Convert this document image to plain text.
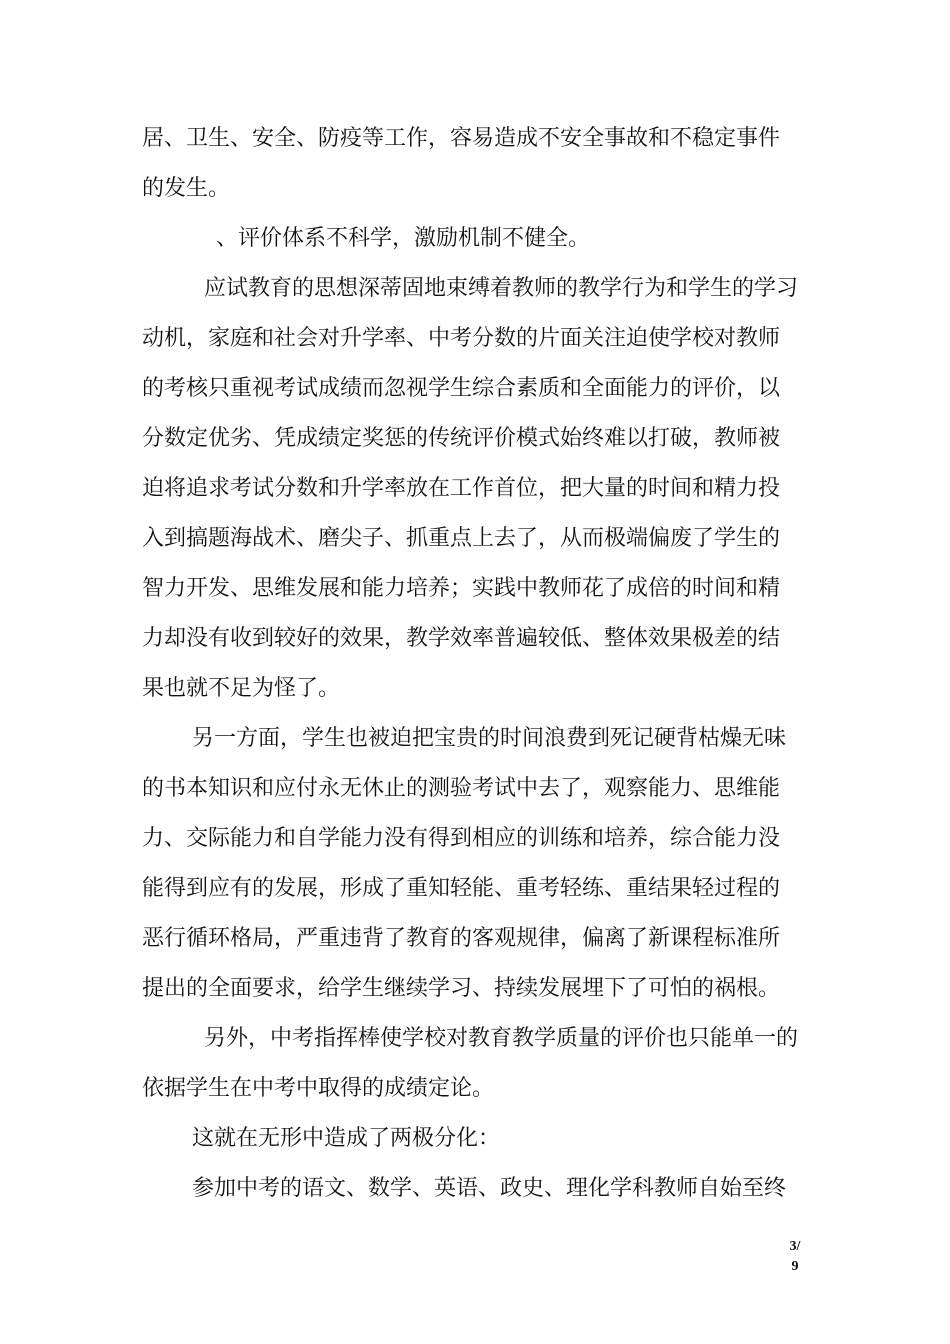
居、卫生、安全、防疫等工作，容易造成不安全事故和不稳定事件
的发生。
、评价体系不科学，激励机制不健全。
应试教育的思想深蒂固地束缚着教师的教学行为和学生的学习
动机，家庭和社会对升学率、中考分数的片面关注迫使学校对教师
的考核只重视考试成绩而忽视学生综合素质和全面能力的评价，以
分数定优劣、凭成绩定奖惩的传统评价模式始终难以打破，教师被
迫将追求考试分数和升学率放在工作首位，把大量的时间和精力投
入到搞题海战术、磨尖子、抓重点上去了，从而极端偏废了学生的
智力开发、思维发展和能力培养；实践中教师花了成倍的时间和精
力却没有收到较好的效果，教学效率普遍较低、整体效果极差的结
果也就不足为怪了。
另一方面，学生也被迫把宝贵的时间浪费到死记硬背枯燥无味
的书本知识和应付永无休止的测验考试中去了，观察能力、思维能
力、交际能力和自学能力没有得到相应的训练和培养，综合能力没
能得到应有的发展，形成了重知轻能、重考轻练、重结果轻过程的
恶行循环格局，严重违背了教育的客观规律，偏离了新课程标准所
提出的全面要求，给学生继续学习、持续发展埋下了可怕的祸根。
另外，中考指挥棒使学校对教育教学质量的评价也只能单一的
依据学生在中考中取得的成绩定论。
这就在无形中造成了两极分化：
参加中考的语文、数学、英语、政史、理化学科教师自始至终
3/
9
